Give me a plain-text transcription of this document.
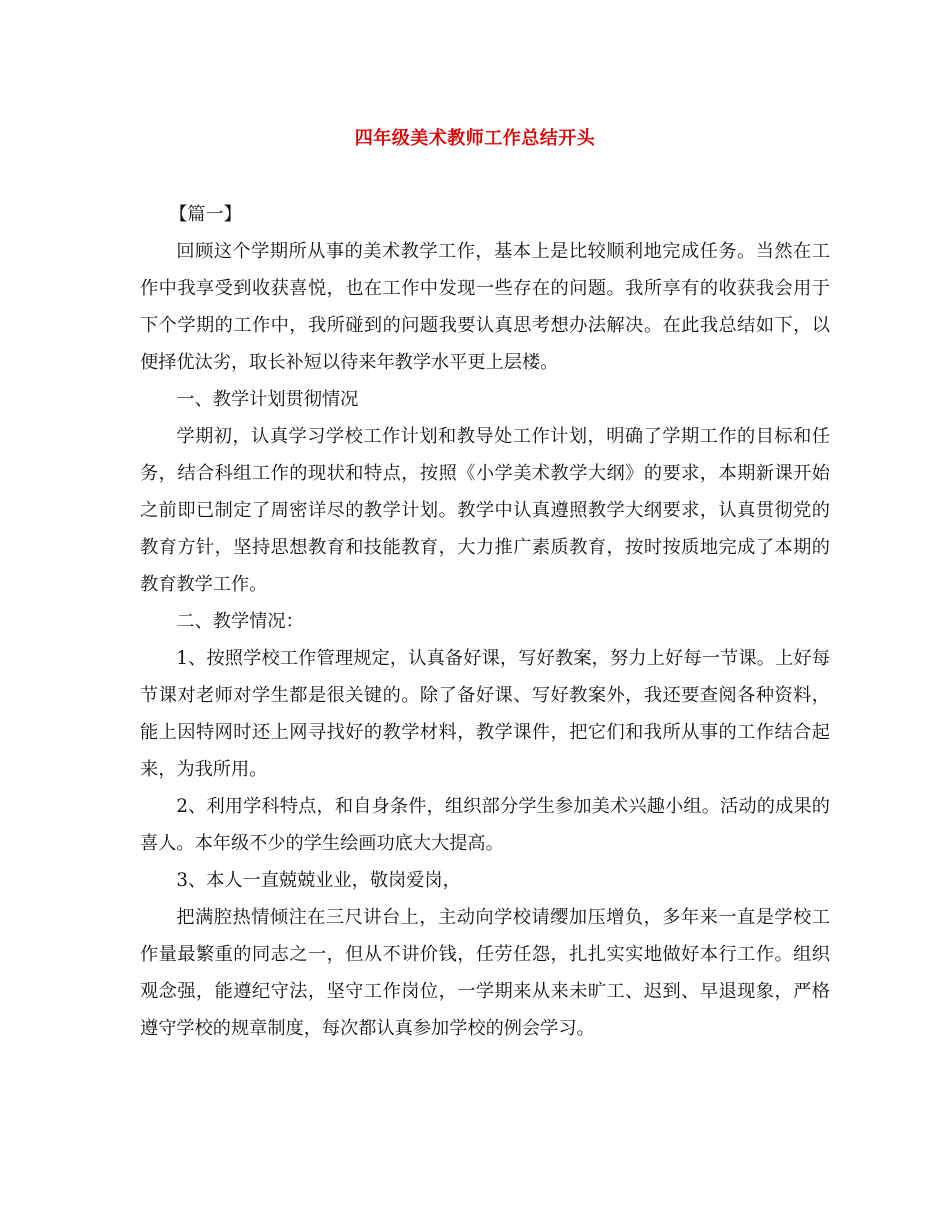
四年级美术教师工作总结开头

【篇一】

回顾这个学期所从事的美术教学工作，基本上是比较顺利地完成任务。当然在工作中我享受到收获喜悦，也在工作中发现一些存在的问题。我所享有的收获我会用于下个学期的工作中，我所碰到的问题我要认真思考想办法解决。在此我总结如下，以便择优汰劣，取长补短以待来年教学水平更上层楼。

一、教学计划贯彻情况

学期初，认真学习学校工作计划和教导处工作计划，明确了学期工作的目标和任务，结合科组工作的现状和特点，按照《小学美术教学大纲》的要求，本期新课开始之前即已制定了周密详尽的教学计划。教学中认真遵照教学大纲要求，认真贯彻党的教育方针，坚持思想教育和技能教育，大力推广素质教育，按时按质地完成了本期的教育教学工作。

二、教学情况：

1、按照学校工作管理规定，认真备好课，写好教案，努力上好每一节课。上好每节课对老师对学生都是很关键的。除了备好课、写好教案外，我还要查阅各种资料，能上因特网时还上网寻找好的教学材料，教学课件，把它们和我所从事的工作结合起来，为我所用。

2、利用学科特点，和自身条件，组织部分学生参加美术兴趣小组。活动的成果的喜人。本年级不少的学生绘画功底大大提高。

3、本人一直兢兢业业，敬岗爱岗，

把满腔热情倾注在三尺讲台上，主动向学校请缨加压增负，多年来一直是学校工作量最繁重的同志之一，但从不讲价钱，任劳任怨，扎扎实实地做好本行工作。组织观念强，能遵纪守法，坚守工作岗位，一学期来从来未旷工、迟到、早退现象，严格遵守学校的规章制度，每次都认真参加学校的例会学习。
